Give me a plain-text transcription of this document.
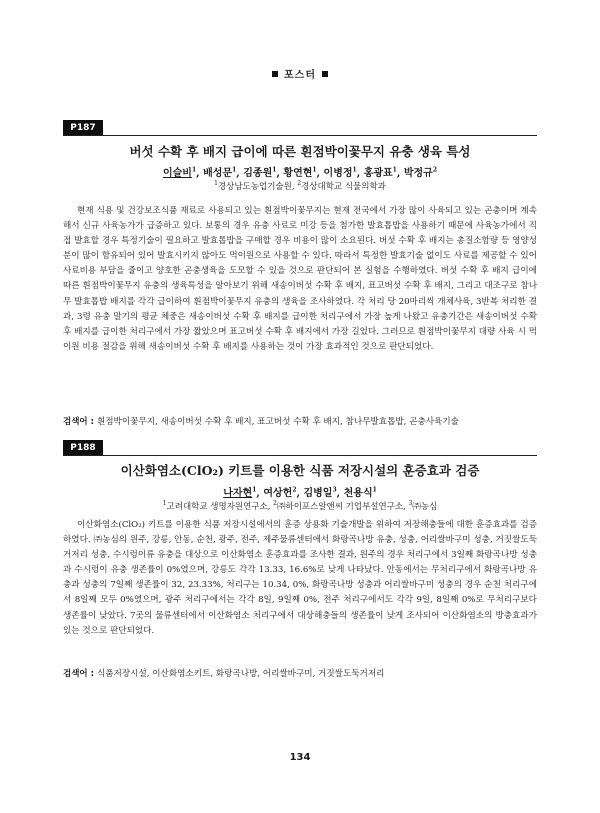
포스터
P187
버섯 수확 후 배지 급이에 따른 흰점박이꽃무지 유충 생육 특성
이슬비$^1$, 배성문$^1$, 김종원$^1$, 황연현$^1$, 이병정$^1$, 홍광표$^1$, 박정규$^2$
$^1$경상남도농업기술원, $^2$경상대학교 식물의학과

현재 식용 및 건강보조식품 재료로 사용되고 있는 흰점박이꽃무지는 현재 전국에서 가장 많이 사육되고 있는 곤충이며 계속해서 신규 사육농가가 급증하고 있다. 보통의 경우 유충 사료로 미강 등을 첨가한 발효톱밥을 사용하기 때문에 사육농가에서 직접 발효할 경우 특정기술이 필요하고 발효톱밥을 구매할 경우 비용이 많이 소요된다. 버섯 수확 후 배지는 총질소함량 등 영양성분이 많이 함유되어 있어 발효시키지 않아도 먹이원으로 사용할 수 있다. 따라서 특정한 발효기술 없이도 사료를 제공할 수 있어 사료비용 부담을 줄이고 양호한 곤충생육을 도모할 수 있을 것으로 판단되어 본 실험을 수행하였다. 버섯 수확 후 배지 급이에 따른 흰점박이꽃무지 유충의 생육특성을 알아보기 위해 새송이버섯 수확 후 배지, 표고버섯 수확 후 배지, 그리고 대조구로 참나무 발효톱밥 배지를 각각 급이하여 흰점박이꽃무지 유충의 생육을 조사하였다. 각 처리 당 20마리씩 개체사육, 3반복 처리한 결과, 3령 유충 말기의 평균 체중은 새송이버섯 수확 후 배지를 급이한 처리구에서 가장 높게 나왔고 유충기간은 새송이버섯 수확 후 배지를 급이한 처리구에서 가장 짧았으며 표고버섯 수확 후 배지에서 가장 길었다. 그러므로 흰점박이꽃무지 대량 사육 시 먹이원 비용 절감을 위해 새송이버섯 수확 후 배지를 사용하는 것이 가장 효과적인 것으로 판단되었다.

검색어 : 흰점박이꽃무지, 새송이버섯 수확 후 배지, 표고버섯 수확 후 배지, 참나무발효톱밥, 곤충사육기술
P188
이산화염소(ClO₂) 키트를 이용한 식품 저장시설의 훈증효과 검증
나자현$^1$, 여상헌$^2$, 김병일$^3$, 천용식$^1$
$^1$고려대학교 생명자원연구소, $^2$㈜하이포스알앤씨 기업부설연구소, $^3$㈜농심

이산화염소(ClO₂) 키트를 이용한 식품 저장시설에서의 훈증 상용화 기술개발을 위하여 저장해충들에 대한 훈증효과를 검증하였다. ㈜농심의 원주, 강릉, 안동, 순천, 광주, 전주, 제주물류센터에서 화랑곡나방 유충, 성충, 어리쌀바구미 성충, 거짓쌀도둑거저리 성충, 수시렁이류 유충을 대상으로 이산화염소 훈증효과를 조사한 결과, 원주의 경우 처리구에서 3일째 화랑곡나방 성충과 수시렁이 유충 생존률이 0%였으며, 강릉도 각각 13.33, 16.6%로 낮게 나타났다. 안동에서는 무처리구에서 화랑곡나방 유충과 성충의 7일째 생존률이 32, 23.33%, 처리구는 10.34, 0%, 화랑곡나방 성충과 어리쌀바구미 성충의 경우 순천 처리구에서 8일째 모두 0%였으며, 광주 처리구에서는 각각 8일, 9일째 0%, 전주 처리구에서도 각각 9일, 8일째 0%로 무처리구보다 생존률이 낮았다. 7곳의 물류센터에서 이산화염소 처리구에서 대상해충들의 생존률이 낮게 조사되어 이산화염소의 방충효과가 있는 것으로 판단되었다.

검색어 : 식품저장시설, 이산화염소키트, 화랑곡나방, 어리쌀바구미, 거짓쌀도둑거저리
134
